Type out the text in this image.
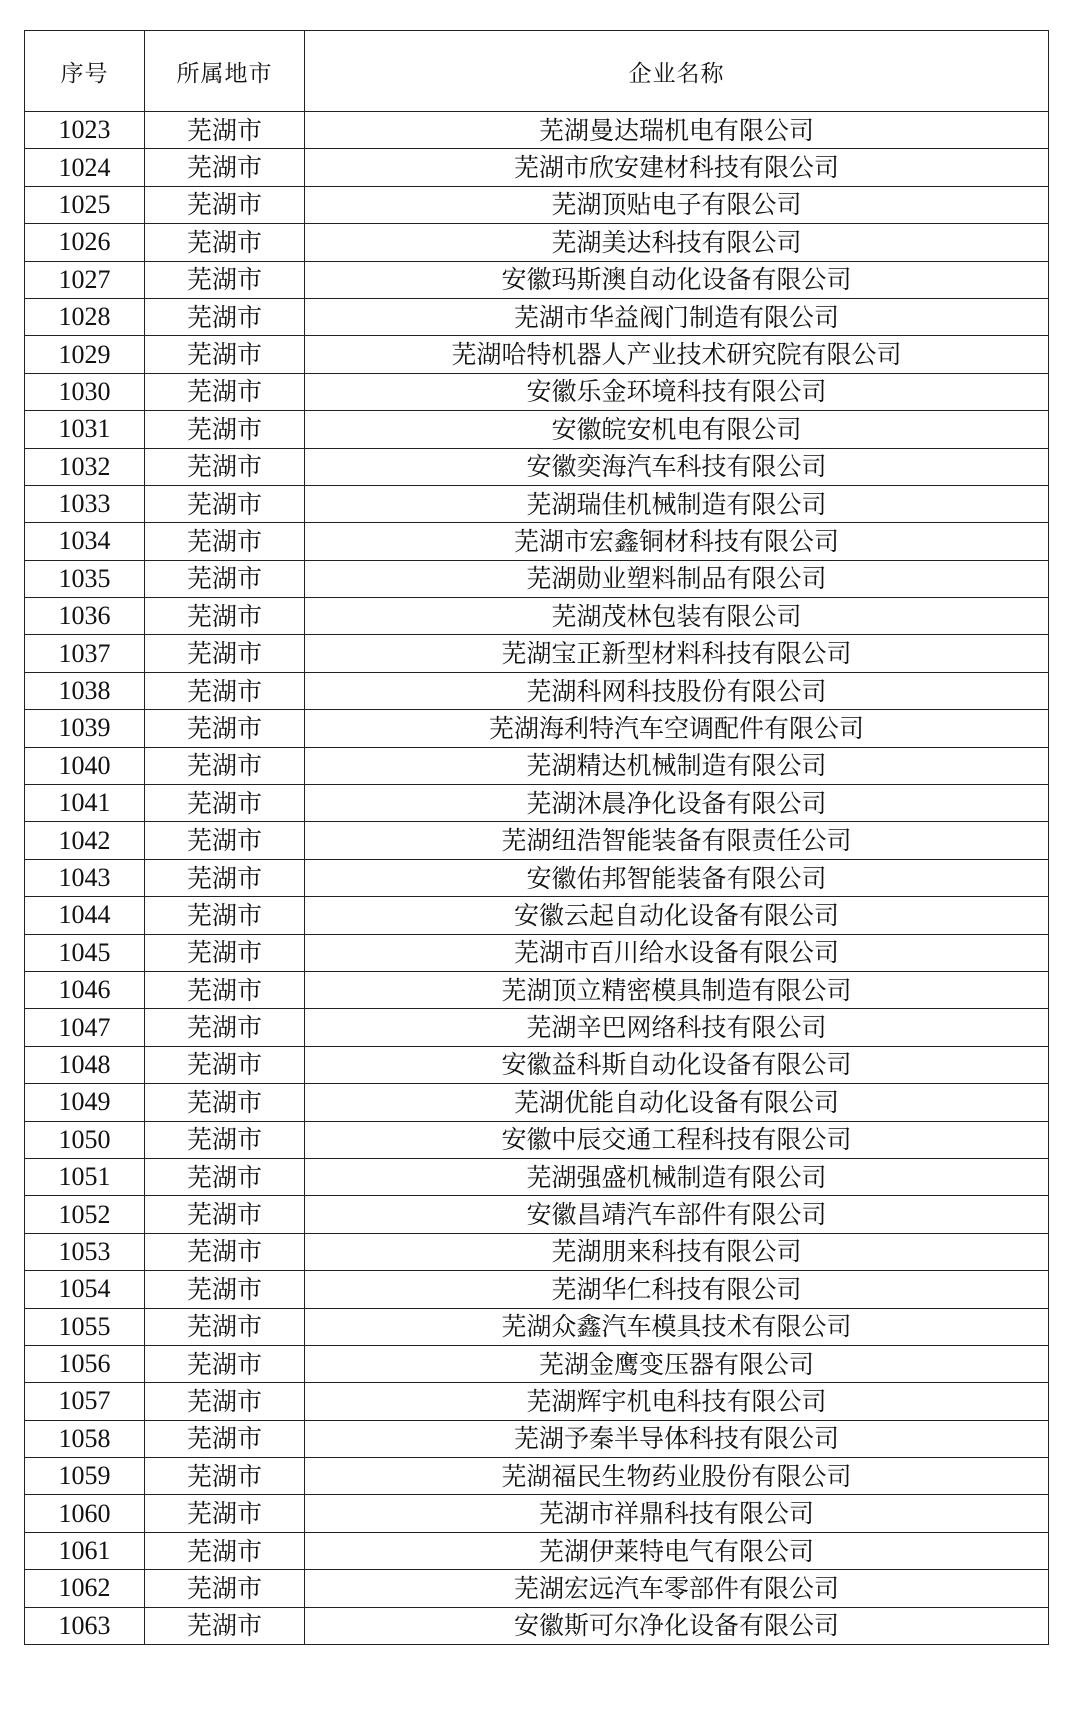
序号	所属地市	企业名称
1023	芜湖市	芜湖曼达瑞机电有限公司
1024	芜湖市	芜湖市欣安建材科技有限公司
1025	芜湖市	芜湖顶贴电子有限公司
1026	芜湖市	芜湖美达科技有限公司
1027	芜湖市	安徽玛斯澳自动化设备有限公司
1028	芜湖市	芜湖市华益阀门制造有限公司
1029	芜湖市	芜湖哈特机器人产业技术研究院有限公司
1030	芜湖市	安徽乐金环境科技有限公司
1031	芜湖市	安徽皖安机电有限公司
1032	芜湖市	安徽奕海汽车科技有限公司
1033	芜湖市	芜湖瑞佳机械制造有限公司
1034	芜湖市	芜湖市宏鑫铜材科技有限公司
1035	芜湖市	芜湖勋业塑料制品有限公司
1036	芜湖市	芜湖茂林包装有限公司
1037	芜湖市	芜湖宝正新型材料科技有限公司
1038	芜湖市	芜湖科网科技股份有限公司
1039	芜湖市	芜湖海利特汽车空调配件有限公司
1040	芜湖市	芜湖精达机械制造有限公司
1041	芜湖市	芜湖沐晨净化设备有限公司
1042	芜湖市	芜湖纽浩智能装备有限责任公司
1043	芜湖市	安徽佑邦智能装备有限公司
1044	芜湖市	安徽云起自动化设备有限公司
1045	芜湖市	芜湖市百川给水设备有限公司
1046	芜湖市	芜湖顶立精密模具制造有限公司
1047	芜湖市	芜湖辛巴网络科技有限公司
1048	芜湖市	安徽益科斯自动化设备有限公司
1049	芜湖市	芜湖优能自动化设备有限公司
1050	芜湖市	安徽中辰交通工程科技有限公司
1051	芜湖市	芜湖强盛机械制造有限公司
1052	芜湖市	安徽昌靖汽车部件有限公司
1053	芜湖市	芜湖朋来科技有限公司
1054	芜湖市	芜湖华仁科技有限公司
1055	芜湖市	芜湖众鑫汽车模具技术有限公司
1056	芜湖市	芜湖金鹰变压器有限公司
1057	芜湖市	芜湖辉宇机电科技有限公司
1058	芜湖市	芜湖予秦半导体科技有限公司
1059	芜湖市	芜湖福民生物药业股份有限公司
1060	芜湖市	芜湖市祥鼎科技有限公司
1061	芜湖市	芜湖伊莱特电气有限公司
1062	芜湖市	芜湖宏远汽车零部件有限公司
1063	芜湖市	安徽斯可尔净化设备有限公司
